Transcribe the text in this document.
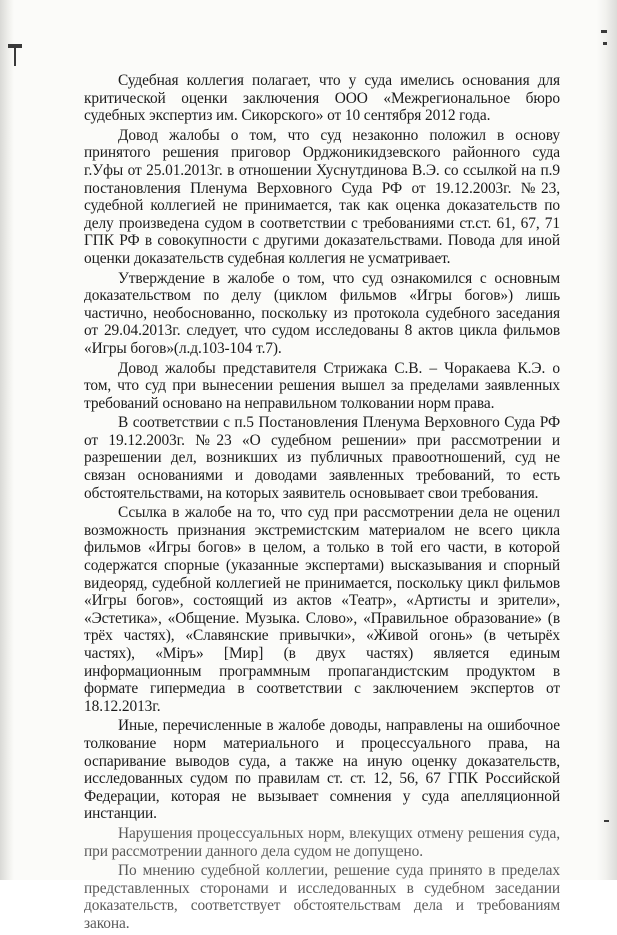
Судебная коллегия полагает, что у суда имелись основания для критической оценки заключения ООО «Межрегиональное бюро судебных экспертиз им. Сикорского» от 10 сентября 2012 года.

Довод жалобы о том, что суд незаконно положил в основу принятого решения приговор Орджоникидзевского районного суда г.Уфы от 25.01.2013г. в отношении Хуснутдинова В.Э. со ссылкой на п.9 постановления Пленума Верховного Суда РФ от 19.12.2003г. №23, судебной коллегией не принимается, так как оценка доказательств по делу произведена судом в соответствии с требованиями ст.ст. 61, 67, 71 ГПК РФ в совокупности с другими доказательствами. Повода для иной оценки доказательств судебная коллегия не усматривает.

Утверждение в жалобе о том, что суд ознакомился с основным доказательством по делу (циклом фильмов «Игры богов») лишь частично, необоснованно, поскольку из протокола судебного заседания от 29.04.2013г. следует, что судом исследованы 8 актов цикла фильмов «Игры богов»(л.д.103-104 т.7).

Довод жалобы представителя Стрижака С.В. – Чоракаева К.Э. о том, что суд при вынесении решения вышел за пределами заявленных требований основано на неправильном толковании норм права.

В соответствии с п.5 Постановления Пленума Верховного Суда РФ от 19.12.2003г. №23 «О судебном решении» при рассмотрении и разрешении дел, возникших из публичных правоотношений, суд не связан основаниями и доводами заявленных требований, то есть обстоятельствами, на которых заявитель основывает свои требования.

Ссылка в жалобе на то, что суд при рассмотрении дела не оценил возможность признания экстремистским материалом не всего цикла фильмов «Игры богов» в целом, а только в той его части, в которой содержатся спорные (указанные экспертами) высказывания и спорный видеоряд, судебной коллегией не принимается, поскольку цикл фильмов «Игры богов», состоящий из актов «Театр», «Артисты и зрители», «Эстетика», «Общение. Музыка. Слово», «Правильное образование» (в трёх частях), «Славянские привычки», «Живой огонь» (в четырёх частях), «Мiръ» [Мир] (в двух частях) является единым информационным программным пропагандистским продуктом в формате гипермедиа в соответствии с заключением экспертов от 18.12.2013г.

Иные, перечисленные в жалобе доводы, направлены на ошибочное толкование норм материального и процессуального права, на оспаривание выводов суда, а также на иную оценку доказательств, исследованных судом по правилам ст. ст. 12, 56, 67 ГПК Российской Федерации, которая не вызывает сомнения у суда апелляционной инстанции.

Нарушения процессуальных норм, влекущих отмену решения суда, при рассмотрении данного дела судом не допущено.

По мнению судебной коллегии, решение суда принято в пределах представленных сторонами и исследованных в судебном заседании доказательств, соответствует обстоятельствам дела и требованиям закона.
